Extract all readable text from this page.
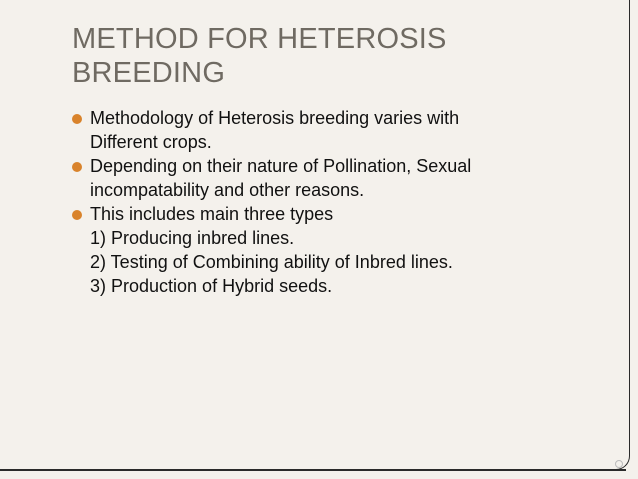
METHOD FOR HETEROSIS
BREEDING
Methodology of Heterosis breeding varies with
Different crops.
Depending on their nature of Pollination, Sexual
incompatability and other reasons.
This includes main three types
1) Producing inbred lines.
2) Testing of Combining ability of Inbred lines.
3) Production of Hybrid seeds.
